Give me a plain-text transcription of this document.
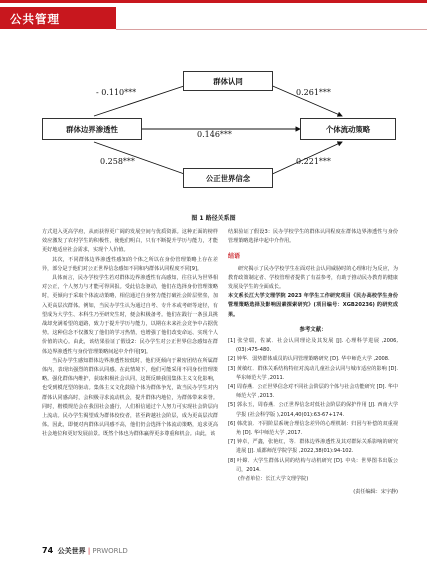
公共管理
群体边界渗透性
群体认同
公正世界信念
个体流动策略
- 0.110***	0.261***
0.146***
0.258***	0.221***
图 1 路径关系图

方式进入更高学府，从而获得更广阔的发展空间与优质资源。这种正面的榜样效应激发了农村学生的积极性，使他们明白，只有不断提升学历与能力，才能更好地适应社会需求，实现个人价值。

其次，不同群体边界渗透性感知的个体之所以在身份管理策略上存在差异，部分是于他们对公正世界信念感知不同和内群体认同程度不同[9]。

具体而言，民办学校学生若对群体边界渗透性有高感知，往往认为世界相对公正，个人努力与才能可得回报。受此信念驱动，他们在选择身份管理策略时，更倾向于采取个体流动策略，相信通过自身努力能打破社会阶层壁垒，加入更高层次群体。例如，当民办学生认为通过自考、专升本或考研等途径，有望成为大学生、本科生乃至研究生时，便会积极备考。他们在践行一条虽具挑战却充满希望的道路，致力于提升学历与能力，以期在未来社会竞争中占据优势。这种信念不仅激发了他们的学习热情，也增强了他们改变命运、实现个人价值的决心。由此，该结果验证了假设2：民办学生对公正世界信念感知在群体边界渗透性与身份管理策略间起中介作用[9]。

当民办学生感知群体边界渗透性较低时，他们更倾向于紧密团结在所属群体内，表现出强烈的群体认同感。在此情境下，他们可能采用不同身份管理策略。强化群体内维护，获取积极社会认同，这既反映我国集体主义文化影响，也受到模范型的驱动。集体主义文化鼓励个体为群体争光，故当民办学生对内群体认同感高时，会积极寻求流动机会，提升群体内地位，为群体带来荣誉。同时，楷模规范会在我国社会盛行，人们相信通过个人努力可实现社会阶层向上流动。民办学生渴望成为群体佼佼者，甚至跨越社会阶层，成为更高层次群体。因此，即便对内群体认同感不高，他们仍会选择个体流动策略，追求更高社会地位和更好发展前景。既然个体也为群体赢得更多尊重和机会。由此，该

结果验证了假设3：民办学校学生的群体认同程度在群体边界渗透性与身份管理策略选择中起中介作用。

结语

研究揭示了民办学校学生在面对社会认同威胁时的心理和行为反应，为教育政策制定者、学校管理者提供了有益参考，有助于推动民办教育的健康发展及学生的全面成长。

本文系长江大学文理学院 2023 年学生工作研究项目《民办高校学生身份管理策略选择及影响因素探索研究》(项目编号：XGB20236) 的研究成果。

参考文献：

[1] 张莹瑞，佐斌．社会认同理论及其发展 [J]. 心理科学进展 ,2006,(03):475-480.

[2] 钟华．弱势群体成员的认同管理策略研究 [D]. 华中师范大学 ,2008.

[3] 黄敏红．群体关系结构特征对流动儿童社会认同与城市适应的影响 [D]. 华东师范大学 ,2011.

[4] 周春燕．公正世界信念对不同社会阶层的个体与社会功能研究 [D]. 华中师范大学 ,2013.

[5] 郭永玉，周春燕．公正世界信念对低社会阶层的保护作用 [J]. 西南大学学报 (社会科学版 ),2014,40(01):63-67+174.

[6] 韩冼浪．不同阶层系统合理信念差异的心理机制：归因与补偿的双重视角 [D]. 华中师范大学 ,2017.

[7] 钟卓，严鑫，张艳红，等．群体边界渗透性及其对群际关系影响的研究进展 [J]. 成都师范学院学报 ,2022,38(01):94-102.

[8] 叶嫦．大学生群体认同的结构与动机研究 [D]. 中央：世界图书出版公司，2014.

(作者单位：长江大学文理学院)

(责任编辑：宋宇静)
74 公关世界 | PRWORLD
